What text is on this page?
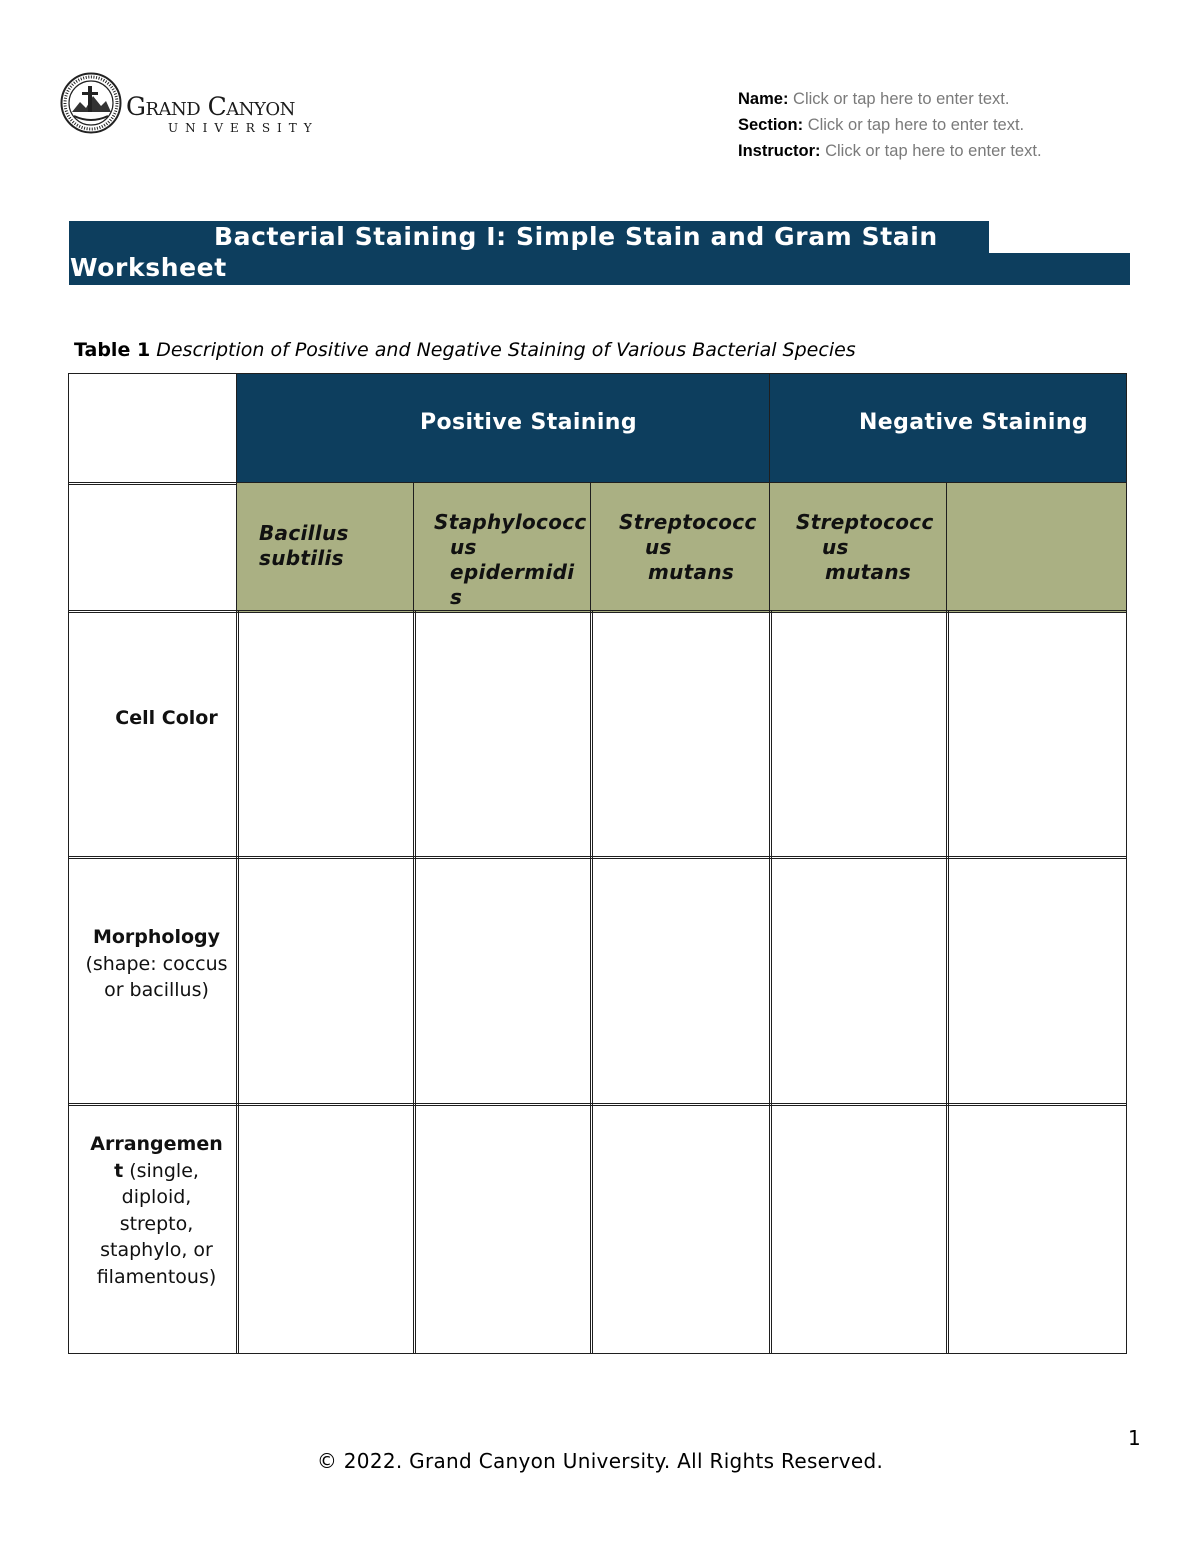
Grand Canyon
UNIVERSITY
Name: Click or tap here to enter text.
Section: Click or tap here to enter text.
Instructor: Click or tap here to enter text.
Bacterial Staining I: Simple Stain and Gram Stain
Worksheet
Table 1 Description of Positive and Negative Staining of Various Bacterial Species
Positive Staining	Negative Staining
Bacillus
subtilis
Staphylococc
us
epidermidi
s
Streptococc
us
mutans
Streptococc
us
mutans
Cell Color
Morphology (shape: coccus or bacillus)
Arrangemen t (single, diploid, strepto, staphylo, or filamentous)
1
© 2022. Grand Canyon University. All Rights Reserved.
